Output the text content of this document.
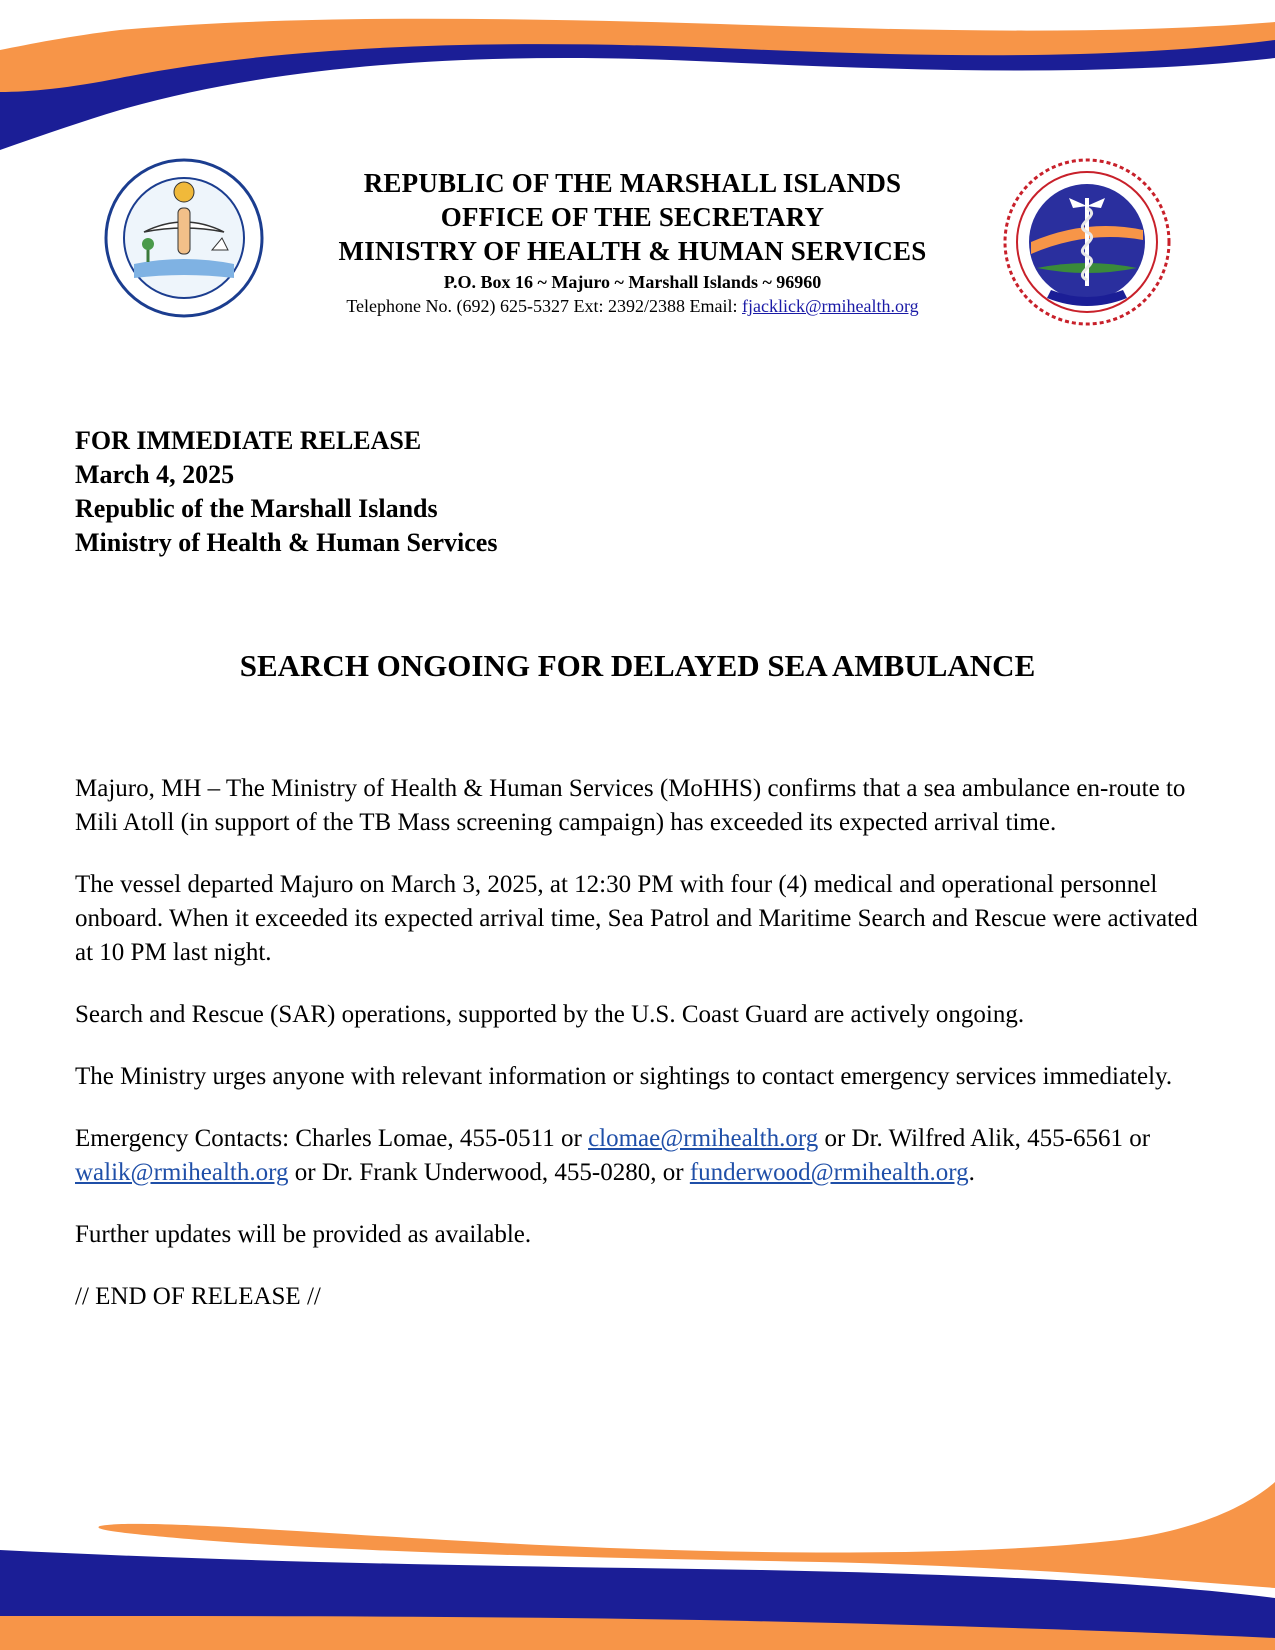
REPUBLIC OF THE MARSHALL ISLANDS
OFFICE OF THE SECRETARY
MINISTRY OF HEALTH & HUMAN SERVICES
P.O. Box 16 ~ Majuro ~ Marshall Islands ~ 96960
Telephone No. (692) 625-5327 Ext: 2392/2388 Email: fjacklick@rmihealth.org
FOR IMMEDIATE RELEASE
March 4, 2025
Republic of the Marshall Islands
Ministry of Health & Human Services
SEARCH ONGOING FOR DELAYED SEA AMBULANCE

Majuro, MH – The Ministry of Health & Human Services (MoHHS) confirms that a sea ambulance en-route to Mili Atoll (in support of the TB Mass screening campaign) has exceeded its expected arrival time.

The vessel departed Majuro on March 3, 2025, at 12:30 PM with four (4) medical and operational personnel onboard. When it exceeded its expected arrival time, Sea Patrol and Maritime Search and Rescue were activated at 10 PM last night.

Search and Rescue (SAR) operations, supported by the U.S. Coast Guard are actively ongoing.

The Ministry urges anyone with relevant information or sightings to contact emergency services immediately.

Emergency Contacts: Charles Lomae, 455-0511 or clomae@rmihealth.org or Dr. Wilfred Alik, 455-6561 or walik@rmihealth.org or Dr. Frank Underwood, 455-0280, or funderwood@rmihealth.org.

Further updates will be provided as available.

// END OF RELEASE //
